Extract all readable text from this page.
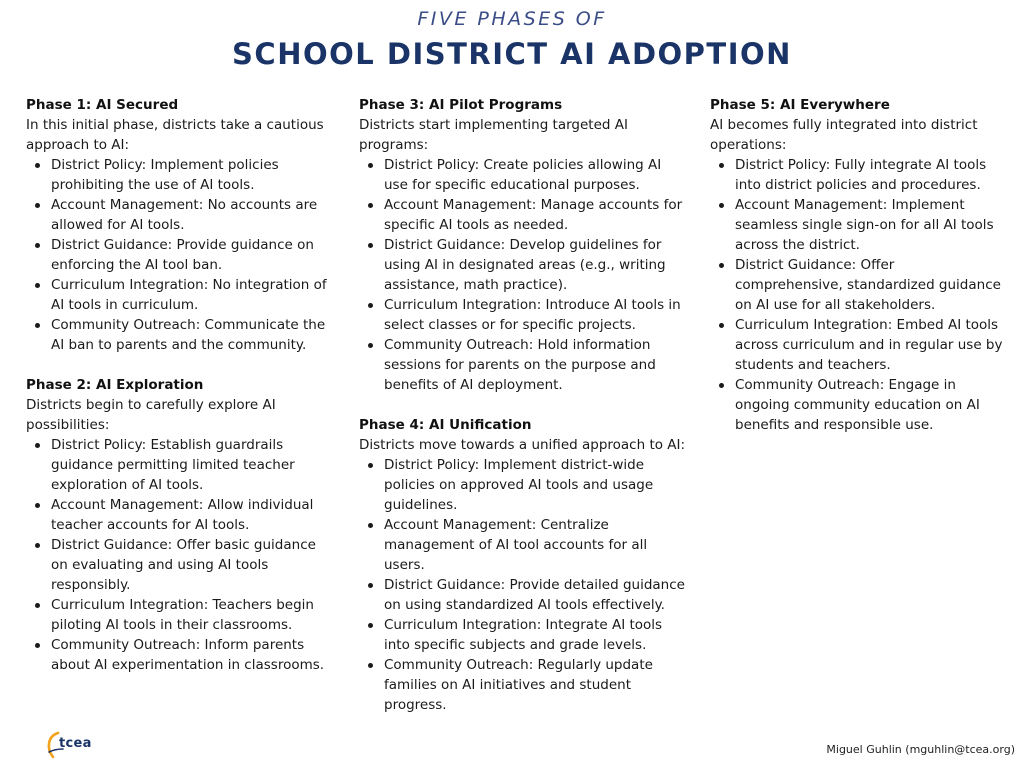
FIVE PHASES OF
SCHOOL DISTRICT AI ADOPTION
Phase 1: AI Secured
In this initial phase, districts take a cautious approach to AI:
District Policy: Implement policies prohibiting the use of AI tools.
Account Management: No accounts are allowed for AI tools.
District Guidance: Provide guidance on enforcing the AI tool ban.
Curriculum Integration: No integration of AI tools in curriculum.
Community Outreach: Communicate the AI ban to parents and the community.
Phase 2: AI Exploration
Districts begin to carefully explore AI possibilities:
District Policy: Establish guardrails guidance permitting limited teacher exploration of AI tools.
Account Management: Allow individual teacher accounts for AI tools.
District Guidance: Offer basic guidance on evaluating and using AI tools responsibly.
Curriculum Integration: Teachers begin piloting AI tools in their classrooms.
Community Outreach: Inform parents about AI experimentation in classrooms.
Phase 3: AI Pilot Programs
Districts start implementing targeted AI programs:
District Policy: Create policies allowing AI use for specific educational purposes.
Account Management: Manage accounts for specific AI tools as needed.
District Guidance: Develop guidelines for using AI in designated areas (e.g., writing assistance, math practice).
Curriculum Integration: Introduce AI tools in select classes or for specific projects.
Community Outreach: Hold information sessions for parents on the purpose and benefits of AI deployment.
Phase 4: AI Unification
Districts move towards a unified approach to AI:
District Policy: Implement district-wide policies on approved AI tools and usage guidelines.
Account Management: Centralize management of AI tool accounts for all users.
District Guidance: Provide detailed guidance on using standardized AI tools effectively.
Curriculum Integration: Integrate AI tools into specific subjects and grade levels.
Community Outreach: Regularly update families on AI initiatives and student progress.
Phase 5: AI Everywhere
AI becomes fully integrated into district operations:
District Policy: Fully integrate AI tools into district policies and procedures.
Account Management: Implement seamless single sign-on for all AI tools across the district.
District Guidance: Offer comprehensive, standardized guidance on AI use for all stakeholders.
Curriculum Integration: Embed AI tools across curriculum and in regular use by students and teachers.
Community Outreach: Engage in ongoing community education on AI benefits and responsible use.
tcea	Miguel Guhlin (mguhlin@tcea.org)
